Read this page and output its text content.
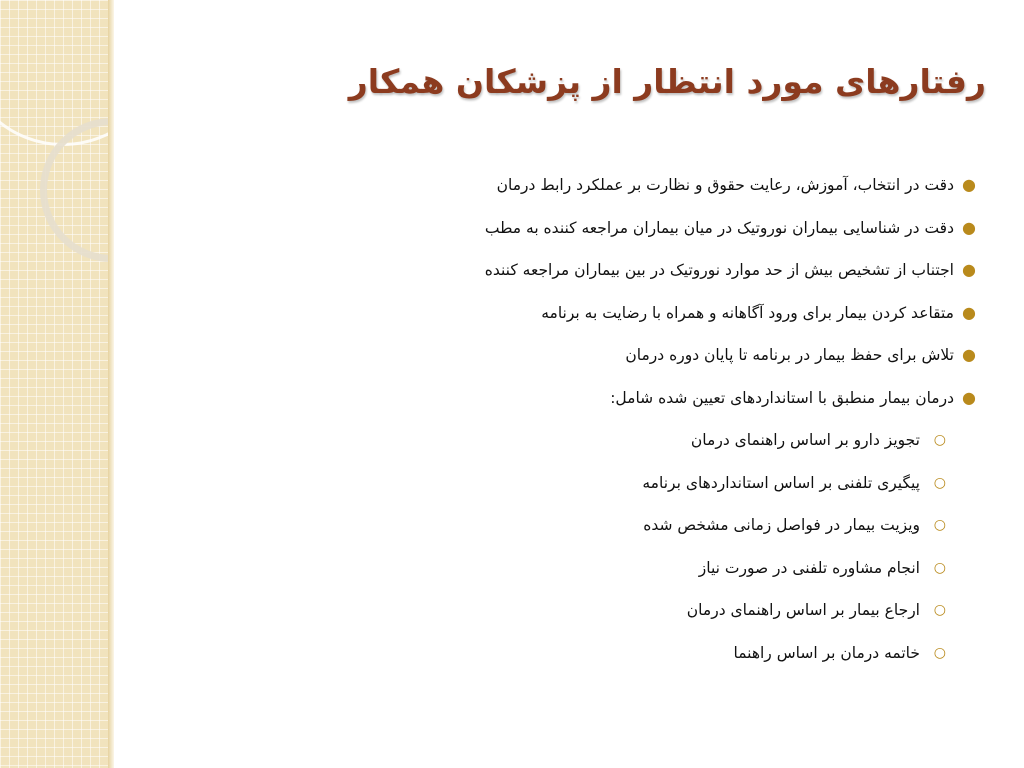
رفتارهای مورد انتظار از پزشکان همکار
●
دقت در انتخاب، آموزش، رعایت حقوق و نظارت بر عملکرد رابط درمان
●
دقت در شناسایی بیماران نوروتیک در میان بیماران مراجعه کننده به مطب
●
اجتناب از تشخیص بیش از حد موارد نوروتیک در بین بیماران مراجعه کننده
●
متقاعد کردن بیمار برای ورود آگاهانه و همراه با رضایت به برنامه
●
تلاش برای حفظ بیمار در برنامه تا پایان دوره درمان
●
درمان بیمار منطبق با استانداردهای تعیین شده شامل:
○
تجویز دارو بر اساس راهنمای درمان
○
پیگیری تلفنی بر اساس استانداردهای برنامه
○
ویزیت بیمار در فواصل زمانی مشخص شده
○
انجام مشاوره تلفنی در صورت نیاز
○
ارجاع بیمار بر اساس راهنمای درمان
○
خاتمه درمان بر اساس راهنما
